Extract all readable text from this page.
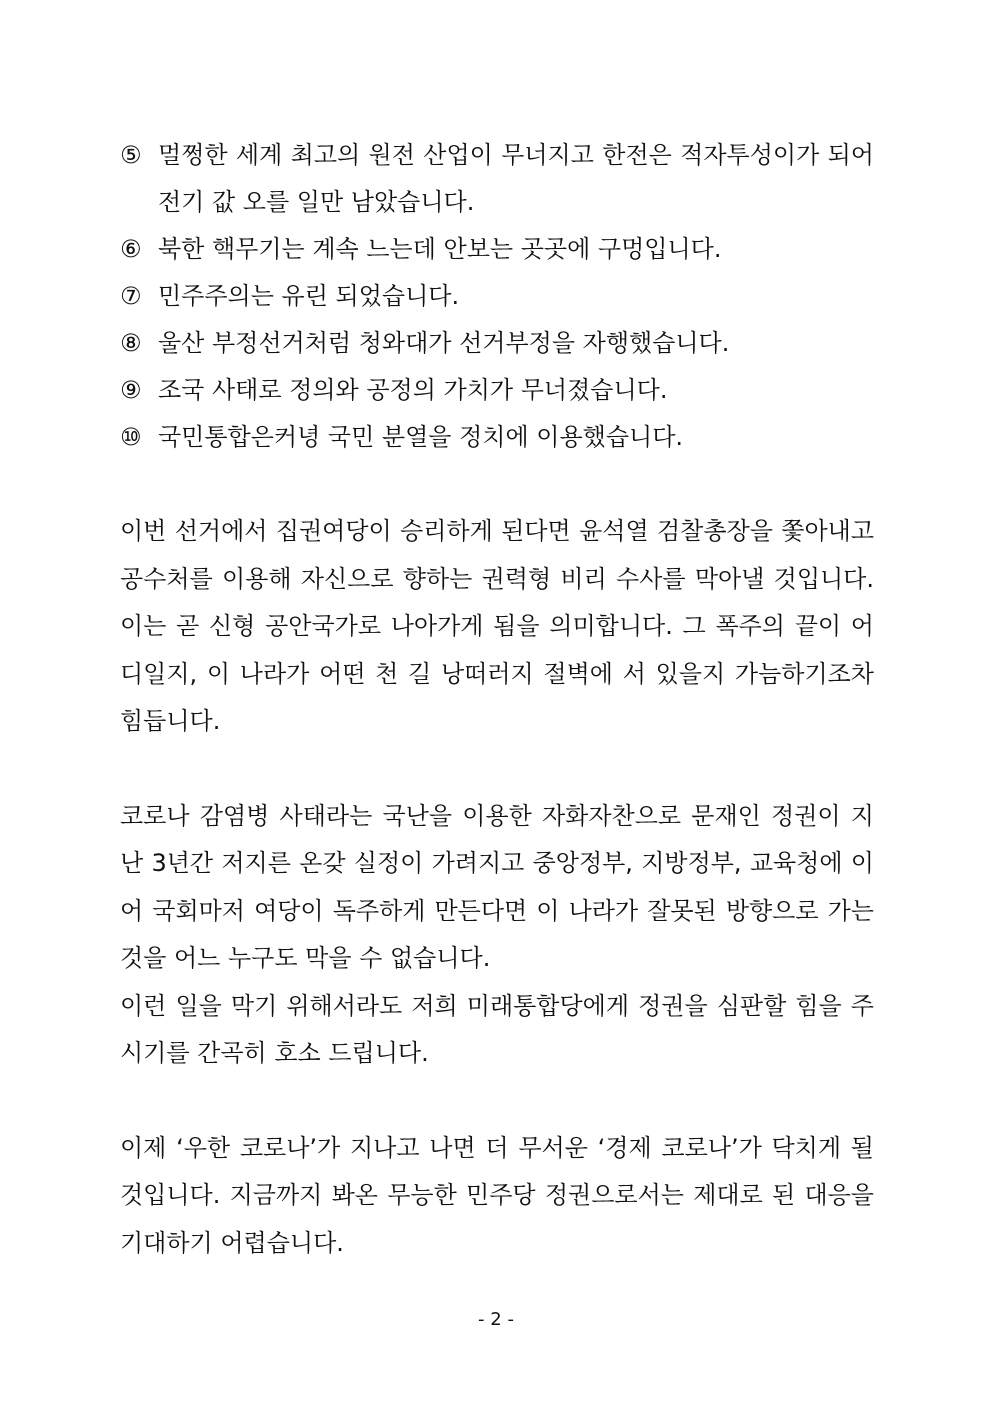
⑤ 멀쩡한 세계 최고의 원전 산업이 무너지고 한전은 적자투성이가 되어 전기 값 오를 일만 남았습니다.
⑥ 북한 핵무기는 계속 느는데 안보는 곳곳에 구멍입니다.
⑦ 민주주의는 유린 되었습니다.
⑧ 울산 부정선거처럼 청와대가 선거부정을 자행했습니다.
⑨ 조국 사태로 정의와 공정의 가치가 무너졌습니다.
⑩ 국민통합은커녕 국민 분열을 정치에 이용했습니다.

이번 선거에서 집권여당이 승리하게 된다면 윤석열 검찰총장을 쫓아내고 공수처를 이용해 자신으로 향하는 권력형 비리 수사를 막아낼 것입니다. 이는 곧 신형 공안국가로 나아가게 됨을 의미합니다. 그 폭주의 끝이 어디일지, 이 나라가 어떤 천 길 낭떠러지 절벽에 서 있을지 가늠하기조차 힘듭니다.

코로나 감염병 사태라는 국난을 이용한 자화자찬으로 문재인 정권이 지난 3년간 저지른 온갖 실정이 가려지고 중앙정부, 지방정부, 교육청에 이어 국회마저 여당이 독주하게 만든다면 이 나라가 잘못된 방향으로 가는 것을 어느 누구도 막을 수 없습니다.

이런 일을 막기 위해서라도 저희 미래통합당에게 정권을 심판할 힘을 주시기를 간곡히 호소 드립니다.

이제 ‘우한 코로나’가 지나고 나면 더 무서운 ‘경제 코로나’가 닥치게 될 것입니다. 지금까지 봐온 무능한 민주당 정권으로서는 제대로 된 대응을 기대하기 어렵습니다.

- 2 -
